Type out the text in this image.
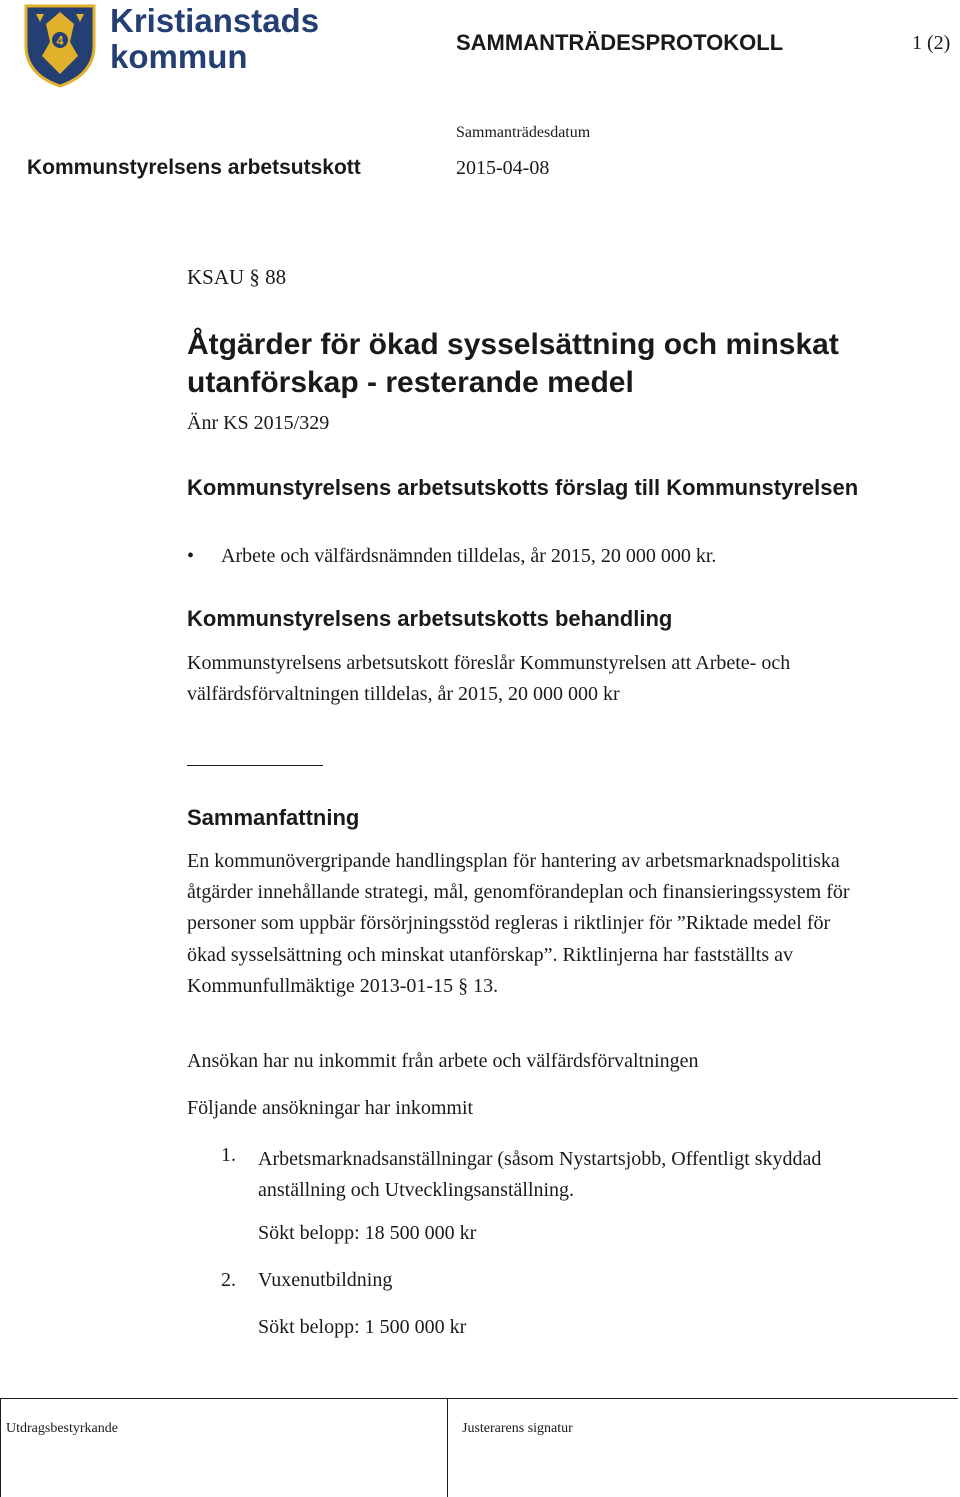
4
Kristianstads
kommun	SAMMANTRÄDESPROTOKOLL	1 (2)
Sammanträdesdatum
Kommunstyrelsens arbetsutskott	2015-04-08
KSAU § 88
Åtgärder för ökad sysselsättning och minskat utanförskap - resterande medel
Änr KS 2015/329
Kommunstyrelsens arbetsutskotts förslag till Kommunstyrelsen
• Arbete och välfärdsnämnden tilldelas, år 2015, 20 000 000 kr.
Kommunstyrelsens arbetsutskotts behandling
Kommunstyrelsens arbetsutskott föreslår Kommunstyrelsen att Arbete- och välfärdsförvaltningen tilldelas, år 2015, 20 000 000 kr
Sammanfattning
En kommunövergripande handlingsplan för hantering av arbetsmarknadspolitiska åtgärder innehållande strategi, mål, genomförandeplan och finansieringssystem för personer som uppbär försörjningsstöd regleras i riktlinjer för ”Riktade medel för ökad sysselsättning och minskat utanförskap”. Riktlinjerna har fastställts av Kommunfullmäktige 2013-01-15 § 13.
Ansökan har nu inkommit från arbete och välfärdsförvaltningen
Följande ansökningar har inkommit
1. Arbetsmarknadsanställningar (såsom Nystartsjobb, Offentligt skyddad anställning och Utvecklingsanställning.
Sökt belopp: 18 500 000 kr
2. Vuxenutbildning
Sökt belopp: 1 500 000 kr
Utdragsbestyrkande	Justerarens signatur
